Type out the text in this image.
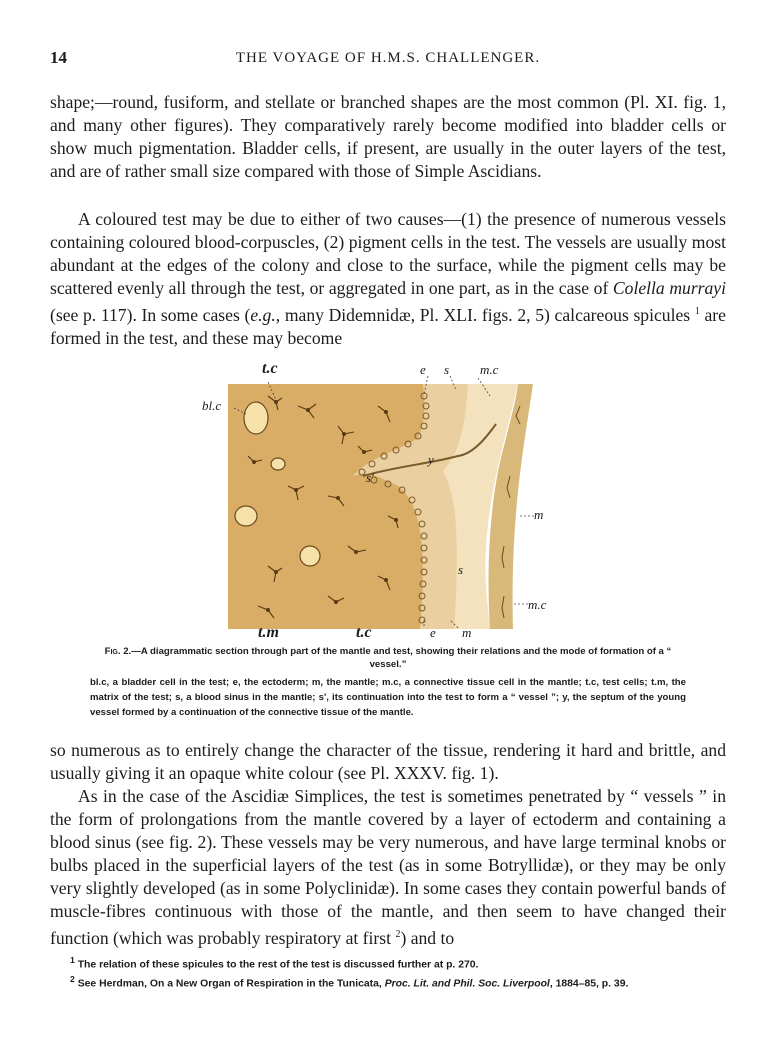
14	THE VOYAGE OF H.M.S. CHALLENGER.

shape;—round, fusiform, and stellate or branched shapes are the most common (Pl. XI. fig. 1, and many other figures). They comparatively rarely become modified into bladder cells or show much pigmentation. Bladder cells, if present, are usually in the outer layers of the test, and are of rather small size compared with those of Simple Ascidians.

A coloured test may be due to either of two causes—(1) the presence of numerous vessels containing coloured blood-corpuscles, (2) pigment cells in the test. The vessels are usually most abundant at the edges of the colony and close to the surface, while the pigment cells may be scattered evenly all through the test, or aggregated in one part, as in the case of Colella murrayi (see p. 117). In some cases (e.g., many Didemnidæ, Pl. XLI. figs. 2, 5) calcareous spicules $^1$ are formed in the test, and these may become

t.c
bl.c
e s m.c
y
s'
m
s
m.c
t.m	t.c	e m
Fig. 2.—A diagrammatic section through part of the mantle and test, showing their relations and the mode of formation of a “ vessel.”
bl.c, a bladder cell in the test; e, the ectoderm; m, the mantle; m.c, a connective tissue cell in the mantle; t.c, test cells; t.m, the matrix of the test; s, a blood sinus in the mantle; s', its continuation into the test to form a “ vessel ”; y, the septum of the young vessel formed by a continuation of the connective tissue of the mantle.

so numerous as to entirely change the character of the tissue, rendering it hard and brittle, and usually giving it an opaque white colour (see Pl. XXXV. fig. 1).

As in the case of the Ascidiæ Simplices, the test is sometimes penetrated by “ vessels ” in the form of prolongations from the mantle covered by a layer of ectoderm and containing a blood sinus (see fig. 2). These vessels may be very numerous, and have large terminal knobs or bulbs placed in the superficial layers of the test (as in some Botryllidæ), or they may be only very slightly developed (as in some Polyclinidæ). In some cases they contain powerful bands of muscle-fibres continuous with those of the mantle, and then seem to have changed their function (which was probably respiratory at first $^2$) and to

$^1$ The relation of these spicules to the rest of the test is discussed further at p. 270.

$^2$ See Herdman, On a New Organ of Respiration in the Tunicata, Proc. Lit. and Phil. Soc. Liverpool, 1884–85, p. 39.
